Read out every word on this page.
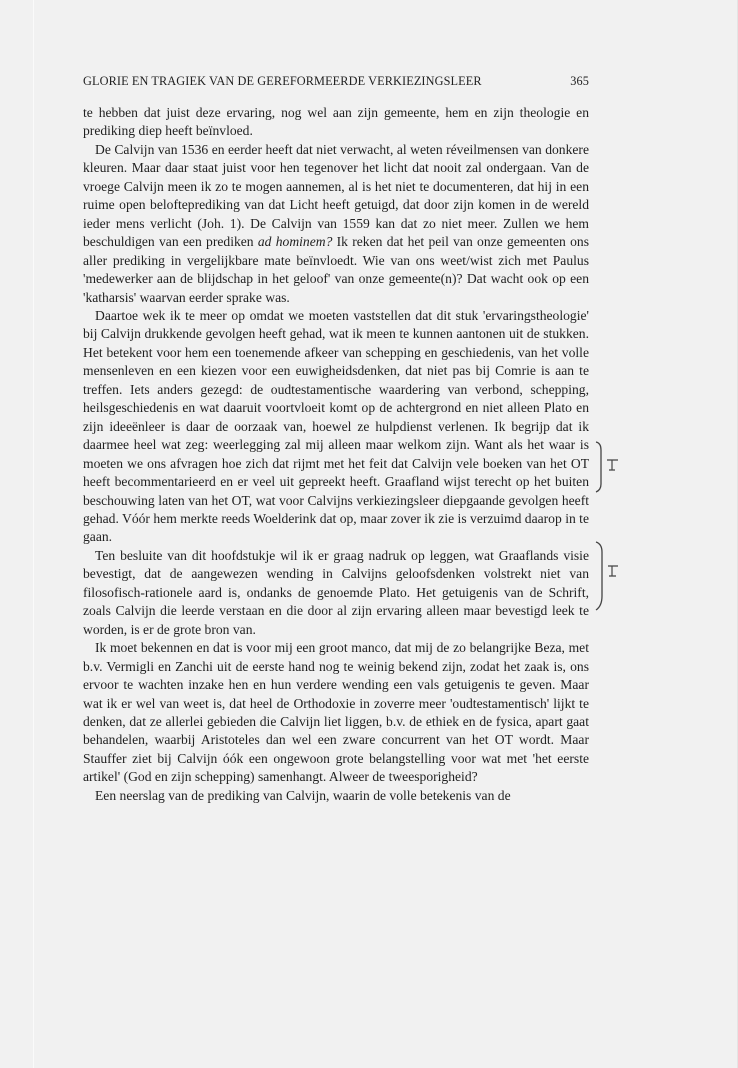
GLORIE EN TRAGIEK VAN DE GEREFORMEERDE VERKIEZINGSLEER	365

te hebben dat juist deze ervaring, nog wel aan zijn gemeente, hem en zijn theologie en prediking diep heeft beïnvloed.

De Calvijn van 1536 en eerder heeft dat niet verwacht, al weten réveilmensen van donkere kleuren. Maar daar staat juist voor hen tegenover het licht dat nooit zal ondergaan. Van de vroege Calvijn meen ik zo te mogen aannemen, al is het niet te documenteren, dat hij in een ruime open belofteprediking van dat Licht heeft getuigd, dat door zijn komen in de wereld ieder mens verlicht (Joh. 1). De Calvijn van 1559 kan dat zo niet meer. Zullen we hem beschuldigen van een prediken ad hominem? Ik reken dat het peil van onze gemeenten ons aller prediking in vergelijkbare mate beïnvloedt. Wie van ons weet/wist zich met Paulus 'medewerker aan de blijdschap in het geloof' van onze gemeente(n)? Dat wacht ook op een 'katharsis' waarvan eerder sprake was.

Daartoe wek ik te meer op omdat we moeten vaststellen dat dit stuk 'ervaringstheologie' bij Calvijn drukkende gevolgen heeft gehad, wat ik meen te kunnen aantonen uit de stukken. Het betekent voor hem een toenemende afkeer van schepping en geschiedenis, van het volle mensenleven en een kiezen voor een euwigheidsdenken, dat niet pas bij Comrie is aan te treffen. Iets anders gezegd: de oudtestamentische waardering van verbond, schepping, heilsgeschiedenis en wat daaruit voortvloeit komt op de achtergrond en niet alleen Plato en zijn ideeënleer is daar de oorzaak van, hoewel ze hulpdienst verlenen. Ik begrijp dat ik daarmee heel wat zeg: weerlegging zal mij alleen maar welkom zijn. Want als het waar is moeten we ons afvragen hoe zich dat rijmt met het feit dat Calvijn vele boeken van het OT heeft becommentarieerd en er veel uit gepreekt heeft. Graafland wijst terecht op het buiten beschouwing laten van het OT, wat voor Calvijns verkiezingsleer diepgaande gevolgen heeft gehad. Vóór hem merkte reeds Woelderink dat op, maar zover ik zie is verzuimd daarop in te gaan.

Ten besluite van dit hoofdstukje wil ik er graag nadruk op leggen, wat Graaflands visie bevestigt, dat de aangewezen wending in Calvijns geloofsdenken volstrekt niet van filosofisch-rationele aard is, ondanks de genoemde Plato. Het getuigenis van de Schrift, zoals Calvijn die leerde verstaan en die door al zijn ervaring alleen maar bevestigd leek te worden, is er de grote bron van.

Ik moet bekennen en dat is voor mij een groot manco, dat mij de zo belangrijke Beza, met b.v. Vermigli en Zanchi uit de eerste hand nog te weinig bekend zijn, zodat het zaak is, ons ervoor te wachten inzake hen en hun verdere wending een vals getuigenis te geven. Maar wat ik er wel van weet is, dat heel de Orthodoxie in zoverre meer 'oudtestamentisch' lijkt te denken, dat ze allerlei gebieden die Calvijn liet liggen, b.v. de ethiek en de fysica, apart gaat behandelen, waarbij Aristoteles dan wel een zware concurrent van het OT wordt. Maar Stauffer ziet bij Calvijn óók een ongewoon grote belangstelling voor wat met 'het eerste artikel' (God en zijn schepping) samenhangt. Alweer de tweesporigheid?

Een neerslag van de prediking van Calvijn, waarin de volle betekenis van de
